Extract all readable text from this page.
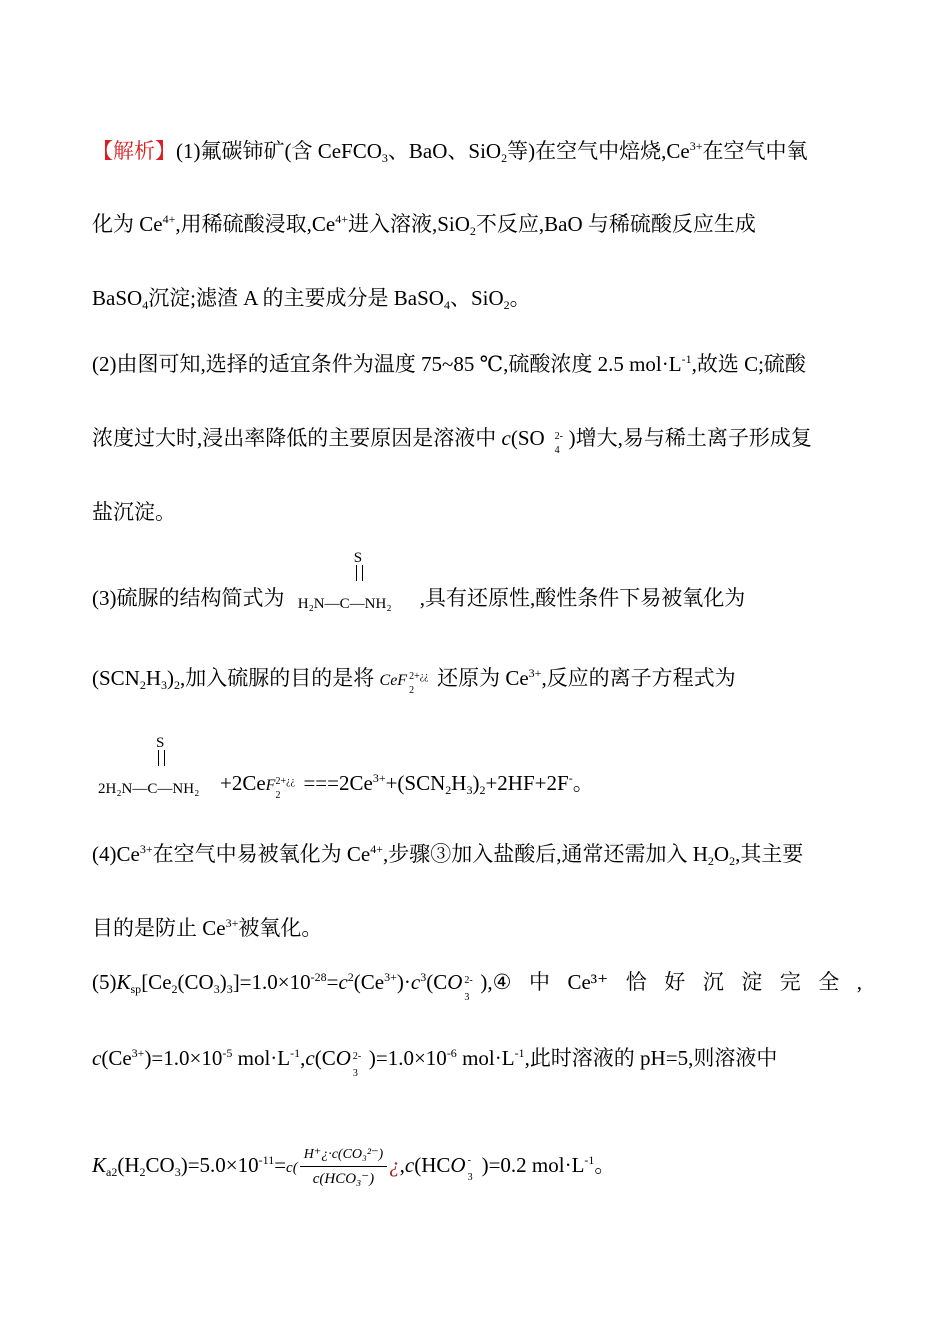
【解析】(1)氟碳铈矿(含 CeFCO$_3$、BaO、SiO$_2$等)在空气中焙烧$,Ce^{3+}$在空气中氧
化为 $Ce^{4+}$,用稀硫酸浸取$,Ce^{4+}$进入溶液,SiO$_2$不反应,BaO 与稀硫酸反应生成
BaSO$_4$沉淀;滤渣 A 的主要成分是 BaSO$_4$、SiO$_2$。
(2)由图可知,选择的适宜条件为温度 75~85 ℃,硫酸浓度 2.5 $mol\cdot L^{-1}$,故选 C;硫酸
浓度过大时,浸出率降低的主要原因是溶液中 c(SO 2-
4
)增大,易与稀土离子形成复
盐沉淀。
(3)硫脲的结构简式为
S
H₂N—C—NH₂ ,具有还原性,酸性条件下易被氧化为
$(SCN_2H_3)_2$,加入硫脲的目的是将 CeF 2+¿¿
2
还原为 $Ce^{3+}$,反应的离子方程式为
S
2H₂N—C—NH₂ +2CeF 2+¿¿
2
$===2Ce^{3+}+(SCN_2H_3)_2+2HF+2F^-$。
$(4)Ce^{3+}$在空气中易被氧化为 $Ce^{4+}$,步骤③加入盐酸后,通常还需加入 $H_2O_2$,其主要
目的是防止 $Ce^{3+}$被氧化。
$(5)K_{sp}[Ce_2(CO_3)_3]=1.0\times 10^{-28}=c^2(Ce^{3+})\cdot c^3(CO$ 2-
3
),④ 中 Ce³⁺ 恰 好 沉 淀 完 全 ,
$c(Ce^{3+})=1.0\times 10^{-5}$ $mol\cdot L^{-1},c(CO$ 2-
3
)$=1.0\times 10^{-6}$ $mol\cdot L^{-1}$,此时溶液的 pH=5,则溶液中
$K_{a2}(H_2CO_3)=5.0\times 10^{-11}=c( \frac{\text{H⁺¿·c(CO₃²⁻)}}{\text{c(HCO₃⁻)}}$ ¿,c(HCO -
3
)=0.2 $mol\cdot L^{-1}$。
